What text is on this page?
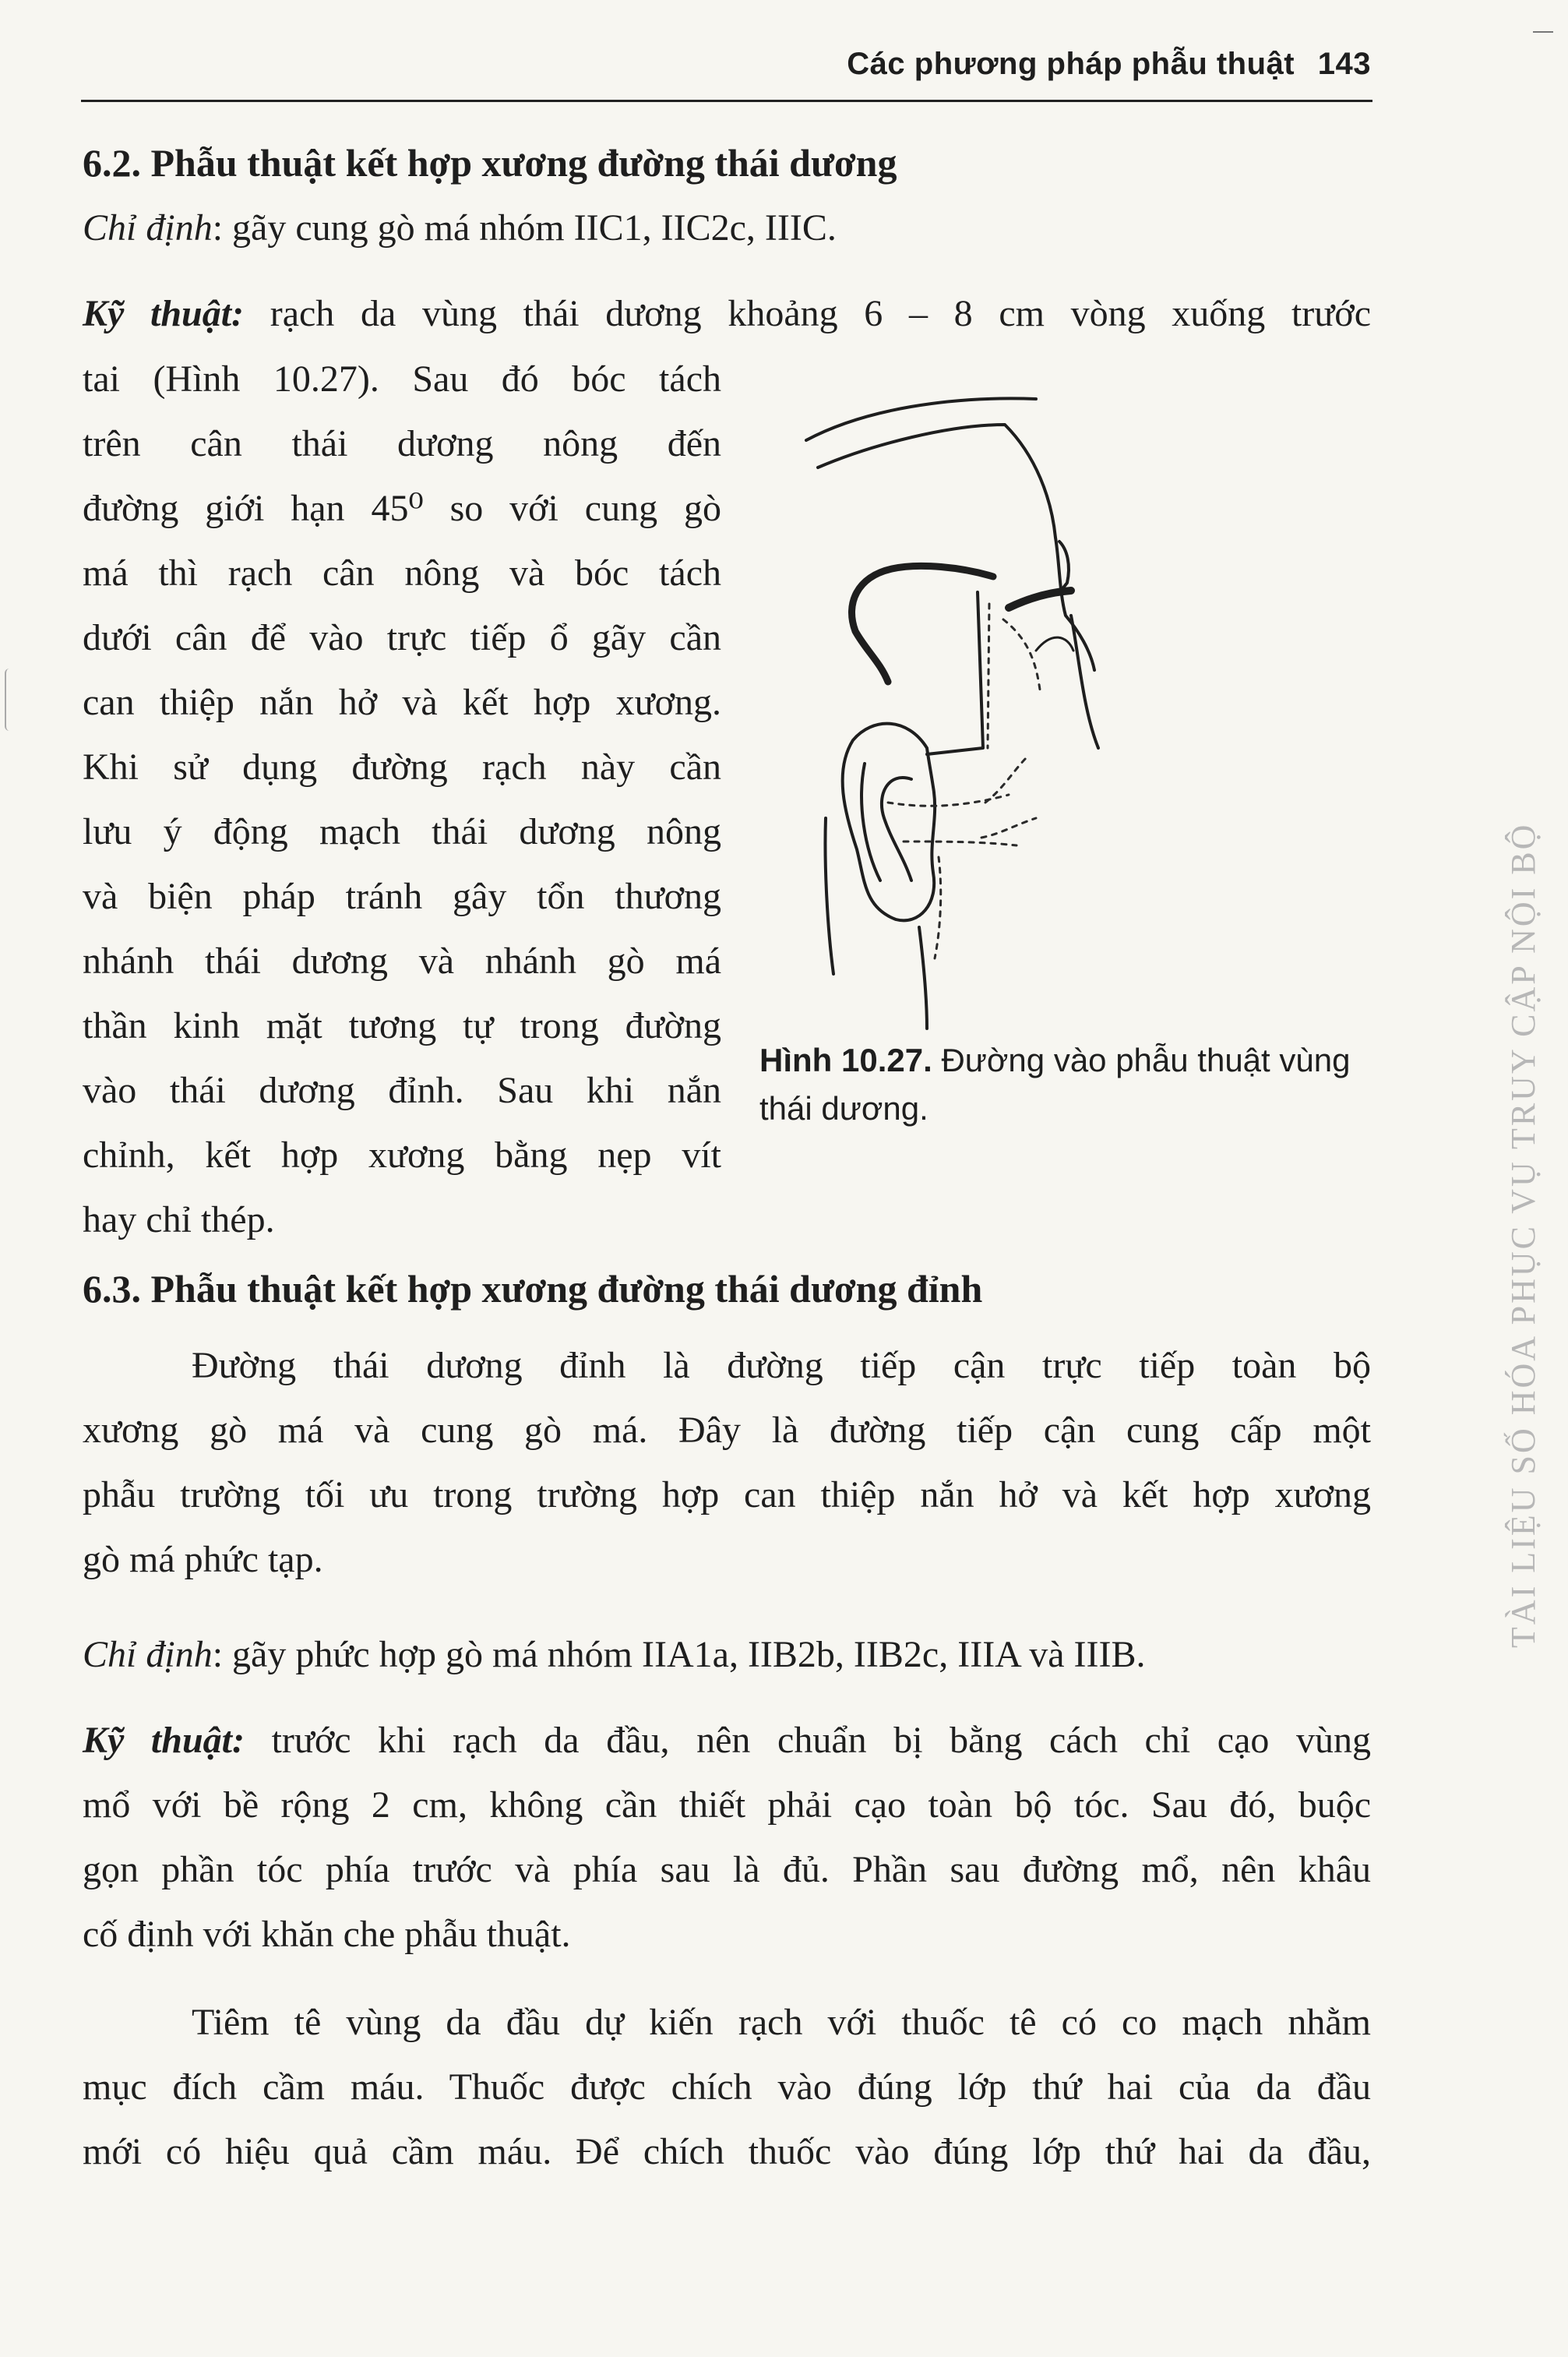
Các phương pháp phẫu thuật 143
6.2. Phẫu thuật kết hợp xương đường thái dương
Chỉ định: gãy cung gò má nhóm IIC1, IIC2c, IIIC.
Kỹ thuật: rạch da vùng thái dương khoảng 6 – 8 cm vòng xuống trước
tai (Hình 10.27). Sau đó bóc tách
trên cân thái dương nông đến
đường giới hạn 45⁰ so với cung gò
má thì rạch cân nông và bóc tách
dưới cân để vào trực tiếp ổ gãy cần
can thiệp nắn hở và kết hợp xương.
Khi sử dụng đường rạch này cần
lưu ý động mạch thái dương nông
và biện pháp tránh gây tổn thương
nhánh thái dương và nhánh gò má
thần kinh mặt tương tự trong đường
vào thái dương đỉnh. Sau khi nắn
chỉnh, kết hợp xương bằng nẹp vít
hay chỉ thép.
Hình 10.27. Đường vào phẫu thuật vùng thái dương.
6.3. Phẫu thuật kết hợp xương đường thái dương đỉnh
Đường thái dương đỉnh là đường tiếp cận trực tiếp toàn bộ
xương gò má và cung gò má. Đây là đường tiếp cận cung cấp một
phẫu trường tối ưu trong trường hợp can thiệp nắn hở và kết hợp xương
gò má phức tạp.
Chỉ định: gãy phức hợp gò má nhóm IIA1a, IIB2b, IIB2c, IIIA và IIIB.
Kỹ thuật: trước khi rạch da đầu, nên chuẩn bị bằng cách chỉ cạo vùng
mổ với bề rộng 2 cm, không cần thiết phải cạo toàn bộ tóc. Sau đó, buộc
gọn phần tóc phía trước và phía sau là đủ. Phần sau đường mổ, nên khâu
cố định với khăn che phẫu thuật.
Tiêm tê vùng da đầu dự kiến rạch với thuốc tê có co mạch nhằm
mục đích cầm máu. Thuốc được chích vào đúng lớp thứ hai của da đầu
mới có hiệu quả cầm máu. Để chích thuốc vào đúng lớp thứ hai da đầu,
TÀI LIỆU SỐ HÓA PHỤC VỤ TRUY CẬP NỘI BỘ
